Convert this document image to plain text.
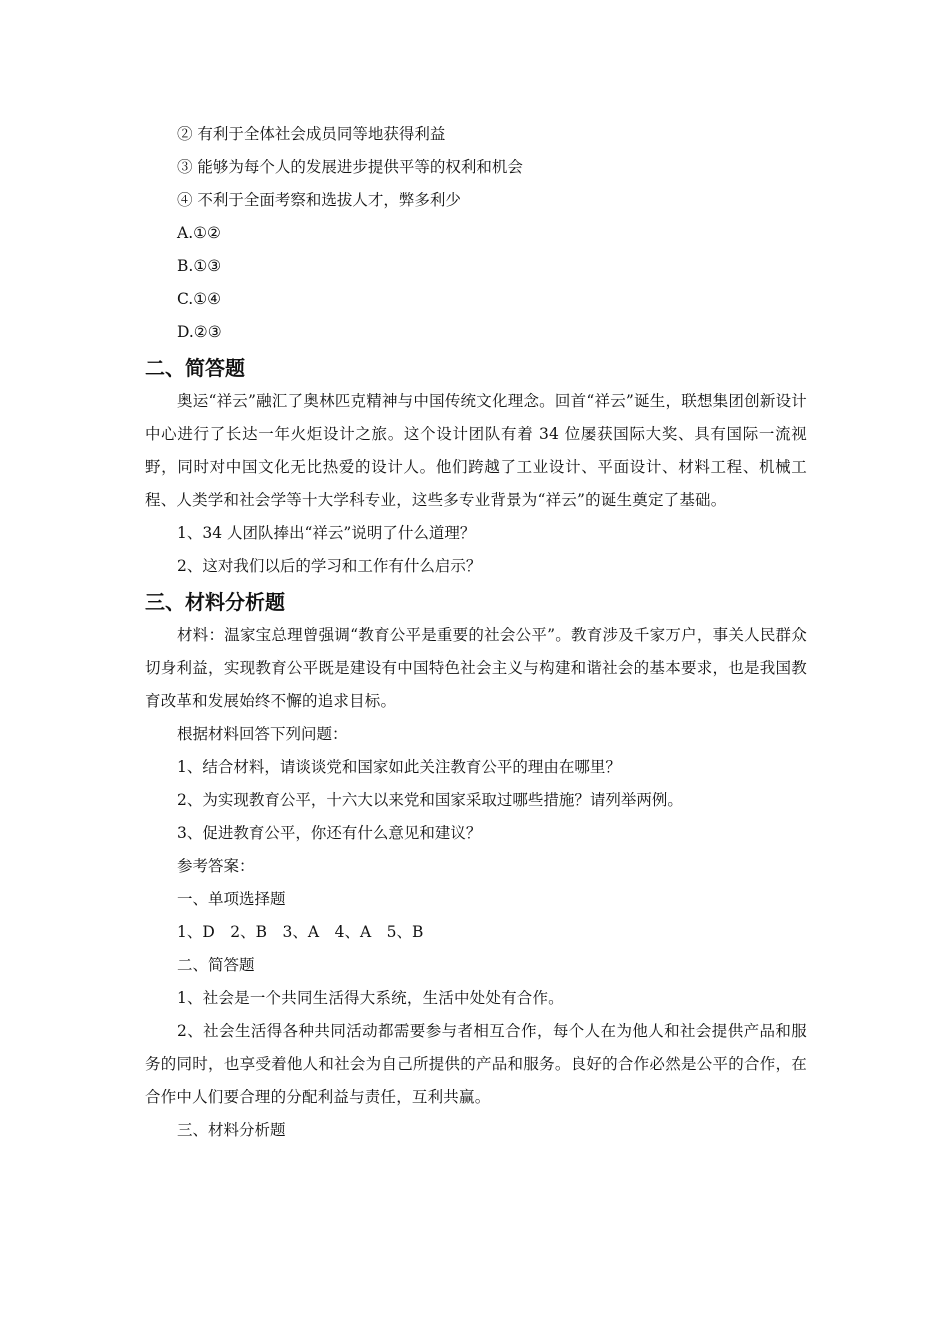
② 有利于全体社会成员同等地获得利益

③ 能够为每个人的发展进步提供平等的权利和机会

④ 不利于全面考察和选拔人才，弊多利少

A.①②

B.①③

C.①④

D.②③

二、简答题

奥运“祥云”融汇了奥林匹克精神与中国传统文化理念。回首“祥云”诞生，联想集团创新设计中心进行了长达一年火炬设计之旅。这个设计团队有着 34 位屡获国际大奖、具有国际一流视野，同时对中国文化无比热爱的设计人。他们跨越了工业设计、平面设计、材料工程、机械工程、人类学和社会学等十大学科专业，这些多专业背景为“祥云”的诞生奠定了基础。

1、34 人团队捧出“祥云”说明了什么道理？

2、这对我们以后的学习和工作有什么启示？

三、材料分析题

材料：温家宝总理曾强调“教育公平是重要的社会公平”。教育涉及千家万户，事关人民群众切身利益，实现教育公平既是建设有中国特色社会主义与构建和谐社会的基本要求，也是我国教育改革和发展始终不懈的追求目标。

根据材料回答下列问题：

1、结合材料，请谈谈党和国家如此关注教育公平的理由在哪里？

2、为实现教育公平，十六大以来党和国家采取过哪些措施？请列举两例。

3、促进教育公平，你还有什么意见和建议？

参考答案：

一、单项选择题

1、D　2、B　3、A　4、A　5、B

二、简答题

1、社会是一个共同生活得大系统，生活中处处有合作。

2、社会生活得各种共同活动都需要参与者相互合作，每个人在为他人和社会提供产品和服务的同时，也享受着他人和社会为自己所提供的产品和服务。良好的合作必然是公平的合作，在合作中人们要合理的分配利益与责任，互利共赢。

三、材料分析题
